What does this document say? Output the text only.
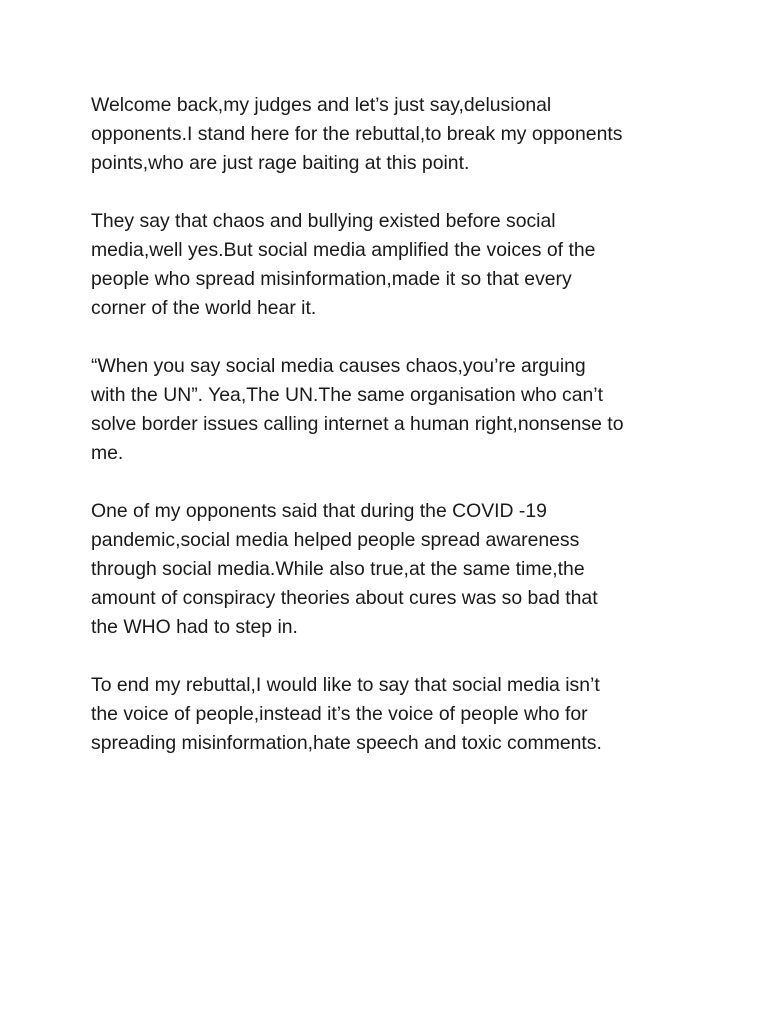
Welcome back,my judges and let’s just say,delusional
opponents.I stand here for the rebuttal,to break my opponents
points,who are just rage baiting at this point.

They say that chaos and bullying existed before social
media,well yes.But social media amplified the voices of the
people who spread misinformation,made it so that every
corner of the world hear it.

“When you say social media causes chaos,you’re arguing
with the UN”. Yea,The UN.The same organisation who can’t
solve border issues calling internet a human right,nonsense to
me.

One of my opponents said that during the COVID -19
pandemic,social media helped people spread awareness
through social media.While also true,at the same time,the
amount of conspiracy theories about cures was so bad that
the WHO had to step in.

To end my rebuttal,I would like to say that social media isn’t
the voice of people,instead it’s the voice of people who for
spreading misinformation,hate speech and toxic comments.
